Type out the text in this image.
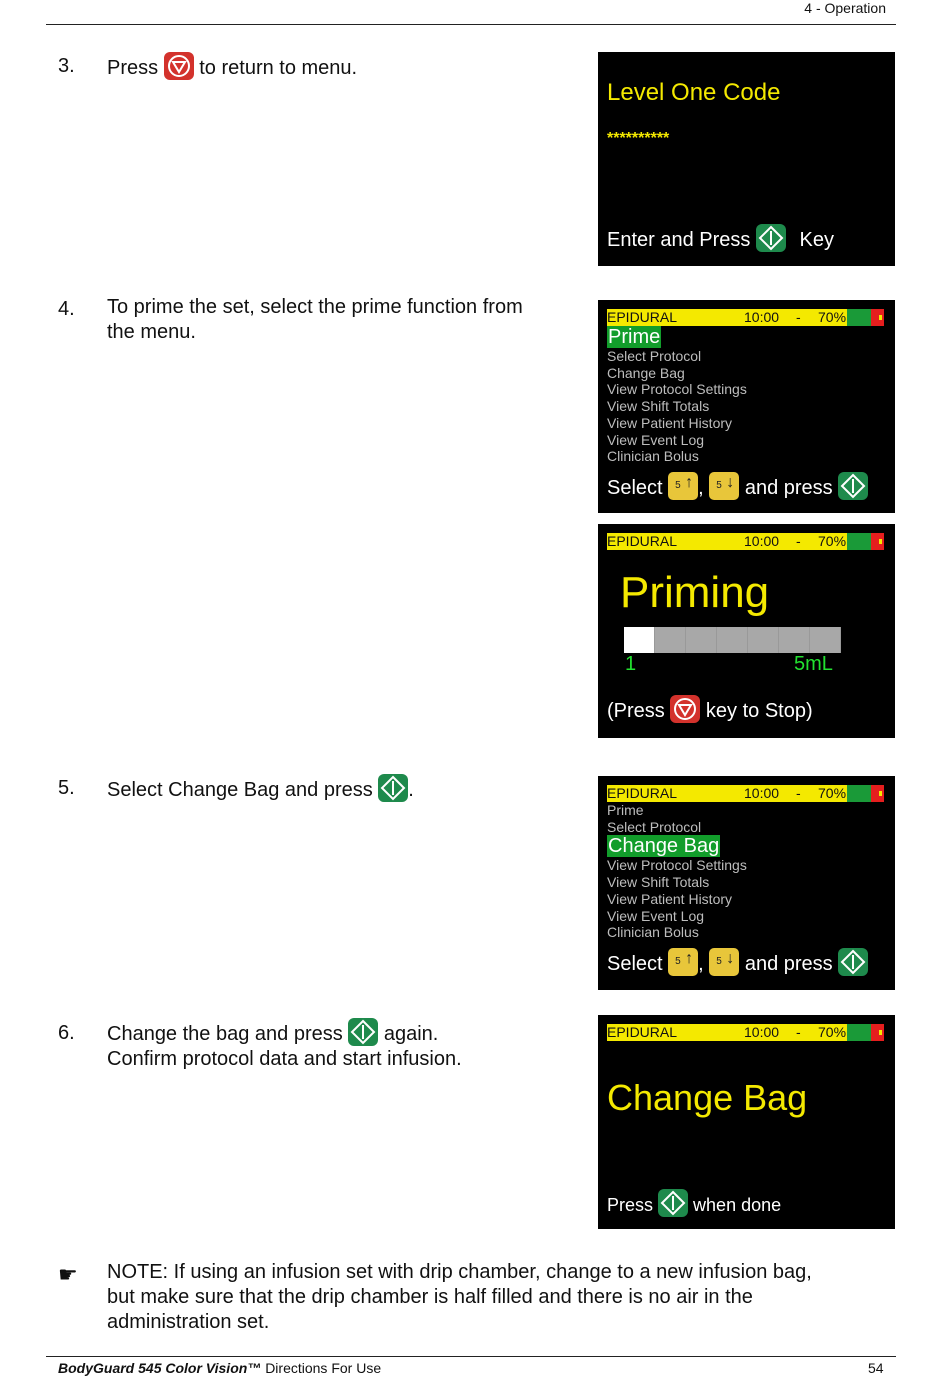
4 - Operation
3. Press to return to menu.
Level One Code
**********
Enter and Press Key
4. To prime the set, select the prime function from
the menu.
EPIDURAL	10:00 - 70%
Prime
Select Protocol
Change Bag
View Protocol Settings
View Shift Totals
View Patient History
View Event Log
Clinician Bolus
Select 5 ↑ , 5 ↓ and press
EPIDURAL	10:00 - 70%
Priming
1	5mL
(Press key to Stop)
5. Select Change Bag and press .	EPIDURAL	10:00 - 70%
Prime
Select Protocol
Change Bag
View Protocol Settings
View Shift Totals
View Patient History
View Event Log
Clinician Bolus
Select 5 ↑ , 5 ↓ and press
6. Change the bag and press again.
Confirm protocol data and start infusion.
EPIDURAL	10:00 - 70%
Change Bag
Press when done
☛ NOTE: If using an infusion set with drip chamber, change to a new infusion bag,
but make sure that the drip chamber is half filled and there is no air in the
administration set.
BodyGuard 545 Color Vision™ Directions For Use	54
